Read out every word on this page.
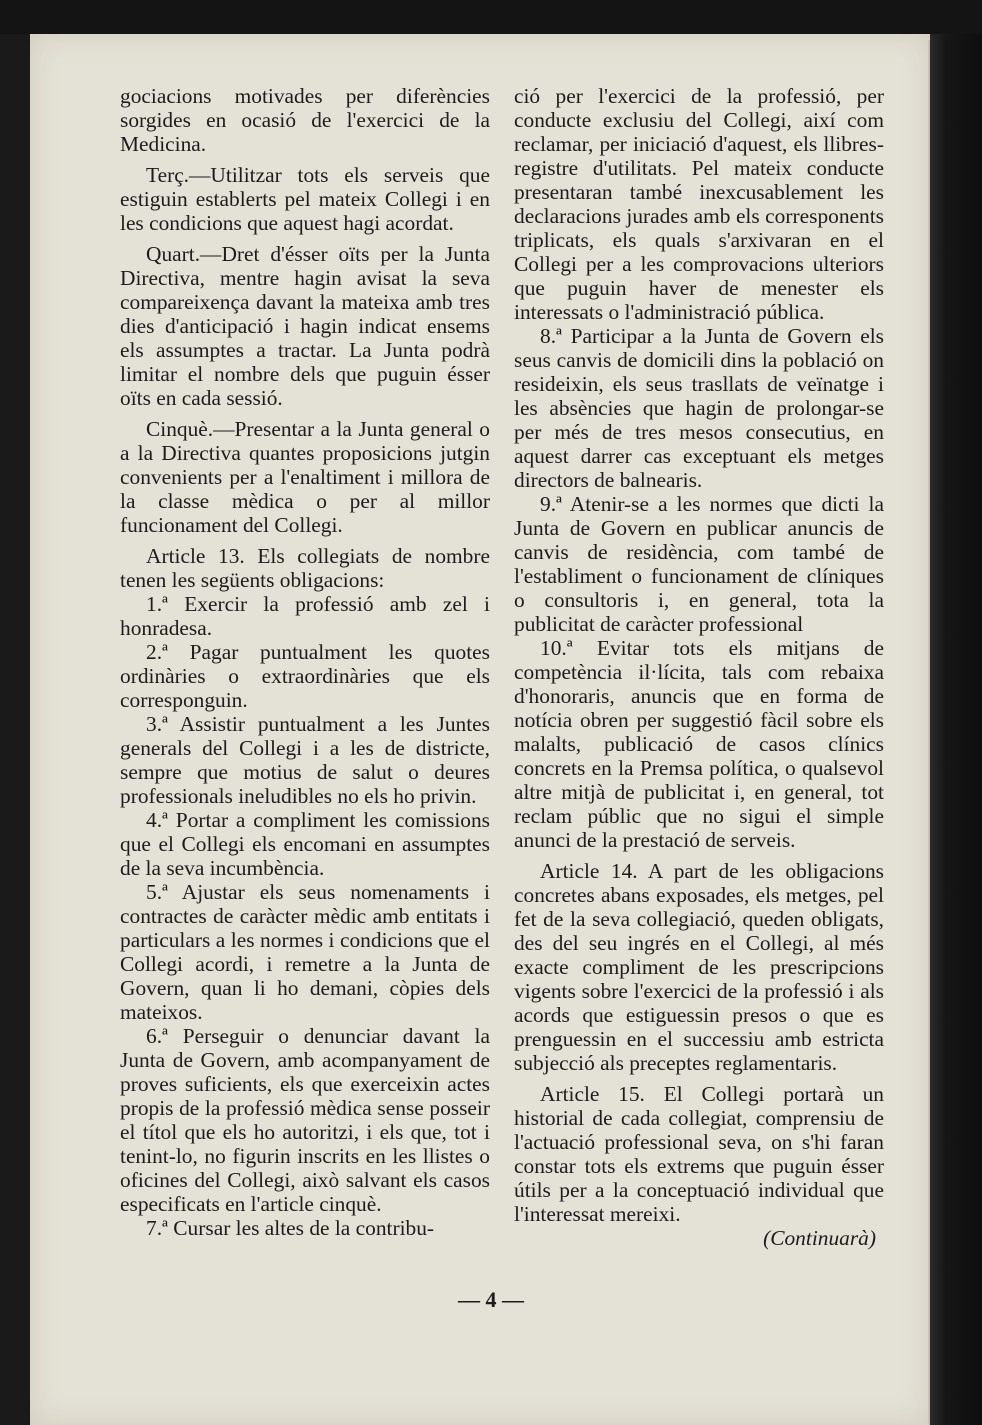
gociacions motivades per diferències sorgides en ocasió de l'exercici de la Medicina.

Terç.—Utilitzar tots els serveis que estiguin establerts pel mateix Collegi i en les condicions que aquest hagi acordat.

Quart.—Dret d'ésser oïts per la Junta Directiva, mentre hagin avisat la seva compareixença davant la mateixa amb tres dies d'anticipació i hagin indicat ensems els assumptes a tractar. La Junta podrà limitar el nombre dels que puguin ésser oïts en cada sessió.

Cinquè.—Presentar a la Junta general o a la Directiva quantes proposicions jutgin convenients per a l'enaltiment i millora de la classe mèdica o per al millor funcionament del Collegi.

Article 13. Els collegiats de nombre tenen les següents obligacions:

1.ª Exercir la professió amb zel i honradesa.

2.ª Pagar puntualment les quotes ordinàries o extraordinàries que els corresponguin.

3.ª Assistir puntualment a les Juntes generals del Collegi i a les de districte, sempre que motius de salut o deures professionals ineludibles no els ho privin.

4.ª Portar a compliment les comissions que el Collegi els encomani en assumptes de la seva incumbència.

5.ª Ajustar els seus nomenaments i contractes de caràcter mèdic amb entitats i particulars a les normes i condicions que el Collegi acordi, i remetre a la Junta de Govern, quan li ho demani, còpies dels mateixos.

6.ª Perseguir o denunciar davant la Junta de Govern, amb acompanyament de proves suficients, els que exerceixin actes propis de la professió mèdica sense posseir el títol que els ho autoritzi, i els que, tot i tenint-lo, no figurin inscrits en les llistes o oficines del Collegi, això salvant els casos especificats en l'article cinquè.

7.ª Cursar les altes de la contribu-

ció per l'exercici de la professió, per conducte exclusiu del Collegi, així com reclamar, per iniciació d'aquest, els llibres-registre d'utilitats. Pel mateix conducte presentaran també inexcusablement les declaracions jurades amb els corresponents triplicats, els quals s'arxivaran en el Collegi per a les comprovacions ulteriors que puguin haver de menester els interessats o l'administració pública.

8.ª Participar a la Junta de Govern els seus canvis de domicili dins la població on resideixin, els seus trasllats de veïnatge i les absències que hagin de prolongar-se per més de tres mesos consecutius, en aquest darrer cas exceptuant els metges directors de balnearis.

9.ª Atenir-se a les normes que dicti la Junta de Govern en publicar anuncis de canvis de residència, com també de l'establiment o funcionament de clíniques o consultoris i, en general, tota la publicitat de caràcter professional

10.ª Evitar tots els mitjans de competència il·lícita, tals com rebaixa d'honoraris, anuncis que en forma de notícia obren per suggestió fàcil sobre els malalts, publicació de casos clínics concrets en la Premsa política, o qualsevol altre mitjà de publicitat i, en general, tot reclam públic que no sigui el simple anunci de la prestació de serveis.

Article 14. A part de les obligacions concretes abans exposades, els metges, pel fet de la seva collegiació, queden obligats, des del seu ingrés en el Collegi, al més exacte compliment de les prescripcions vigents sobre l'exercici de la professió i als acords que estiguessin presos o que es prenguessin en el successiu amb estricta subjecció als preceptes reglamentaris.

Article 15. El Collegi portarà un historial de cada collegiat, comprensiu de l'actuació professional seva, on s'hi faran constar tots els extrems que puguin ésser útils per a la conceptuació individual que l'interessat mereixi.

(Continuarà)

— 4 —
